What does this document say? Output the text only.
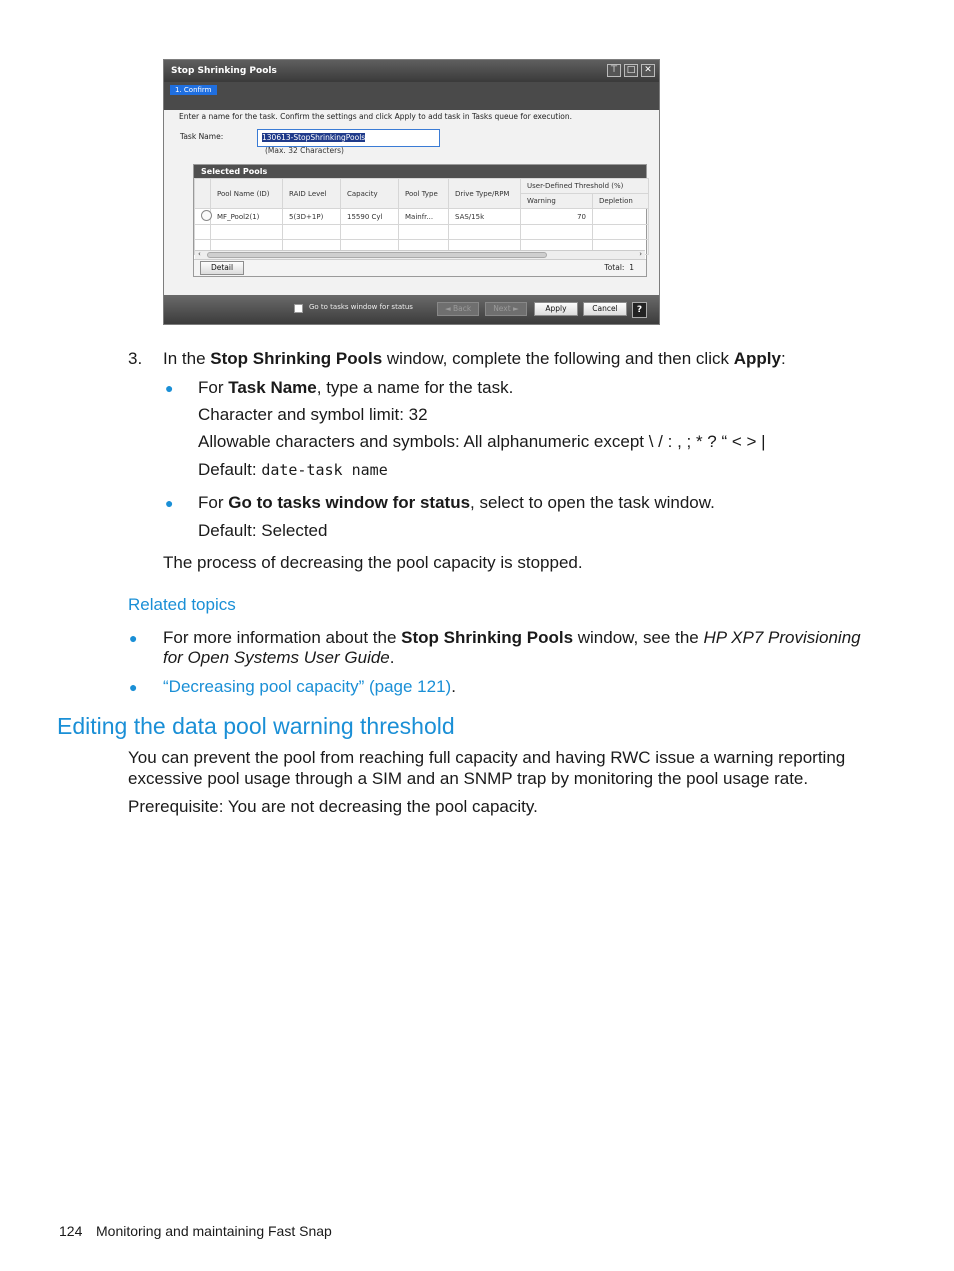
Stop Shrinking Pools	⊤ □ ✕
1. Confirm
Enter a name for the task. Confirm the settings and click Apply to add task in Tasks queue for execution.
Task Name:	130613-StopShrinkingPools
(Max. 32 Characters)
Selected Pools
	Pool Name (ID)	RAID Level	Capacity	Pool Type	Drive Type/RPM	User-Defined Threshold (%)	
						Warning	Depletion
	MF_Pool2(1)	5(3D+1P)	15590 Cyl	Mainfr...	SAS/15k	70	

‹	›
Detail	Total: 1
Go to tasks window for status	◄ Back	Next ►	Apply	Cancel	?
3. In the Stop Shrinking Pools window, complete the following and then click Apply:
● For Task Name, type a name for the task.
Character and symbol limit: 32
Allowable characters and symbols: All alphanumeric except \ / : , ; * ? “ < > |
Default: date-task name
● For Go to tasks window for status, select to open the task window.
Default: Selected
The process of decreasing the pool capacity is stopped.
Related topics
● For more information about the Stop Shrinking Pools window, see the HP XP7 Provisioning
for Open Systems User Guide.
● “Decreasing pool capacity” (page 121).
Editing the data pool warning threshold
You can prevent the pool from reaching full capacity and having RWC issue a warning reporting
excessive pool usage through a SIM and an SNMP trap by monitoring the pool usage rate.
Prerequisite: You are not decreasing the pool capacity.
124 Monitoring and maintaining Fast Snap
